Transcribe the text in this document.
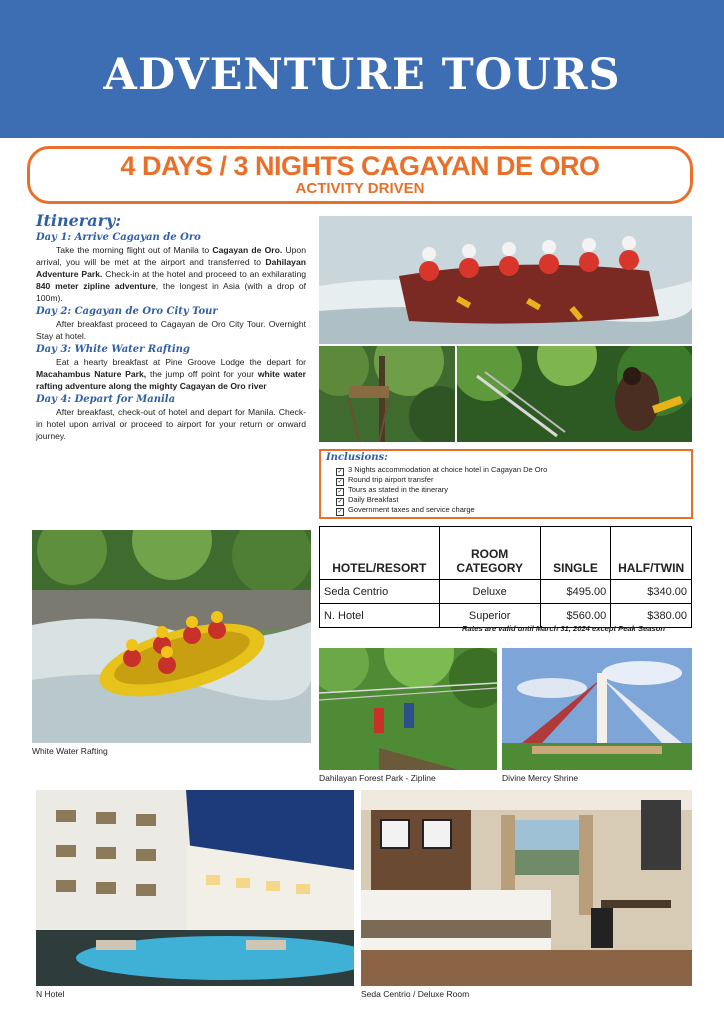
ADVENTURE TOURS
4 DAYS / 3 NIGHTS CAGAYAN DE ORO
ACTIVITY DRIVEN
Itinerary:
Day 1: Arrive Cagayan de Oro

Take the morning flight out of Manila to Cagayan de Oro. Upon arrival, you will be met at the airport and transferred to Dahilayan Adventure Park. Check-in at the hotel and proceed to an exhilarating 840 meter zipline adventure, the longest in Asia (with a drop of 100m).

Day 2: Cagayan de Oro City Tour

After breakfast proceed to Cagayan de Oro City Tour. Overnight Stay at hotel.

Day 3: White Water Rafting

Eat a hearty breakfast at Pine Groove Lodge the depart for Macahambus Nature Park, the jump off point for your white water rafting adventure along the mighty Cagayan de Oro river

Day 4: Depart for Manila

After breakfast, check-out of hotel and depart for Manila. Check-in hotel upon arrival or proceed to airport for your return or onward journey.

Inclusions:
✓ 3 Nights accommodation at choice hotel in Cagayan De Oro
✓ Round trip airport transfer
✓ Tours as stated in the itinerary
✓ Daily Breakfast
✓ Government taxes and service charge
White Water Rafting
HOTEL/RESORT	ROOM CATEGORY	SINGLE	HALF/TWIN
Seda Centrio	Deluxe	$495.00	$340.00
N. Hotel	Superior	$560.00	$380.00
Rates are valid until March 31, 2024 except Peak Season
Dahilayan Forest Park - Zipline	Divine Mercy Shrine
N Hotel	Seda Centrio / Deluxe Room
